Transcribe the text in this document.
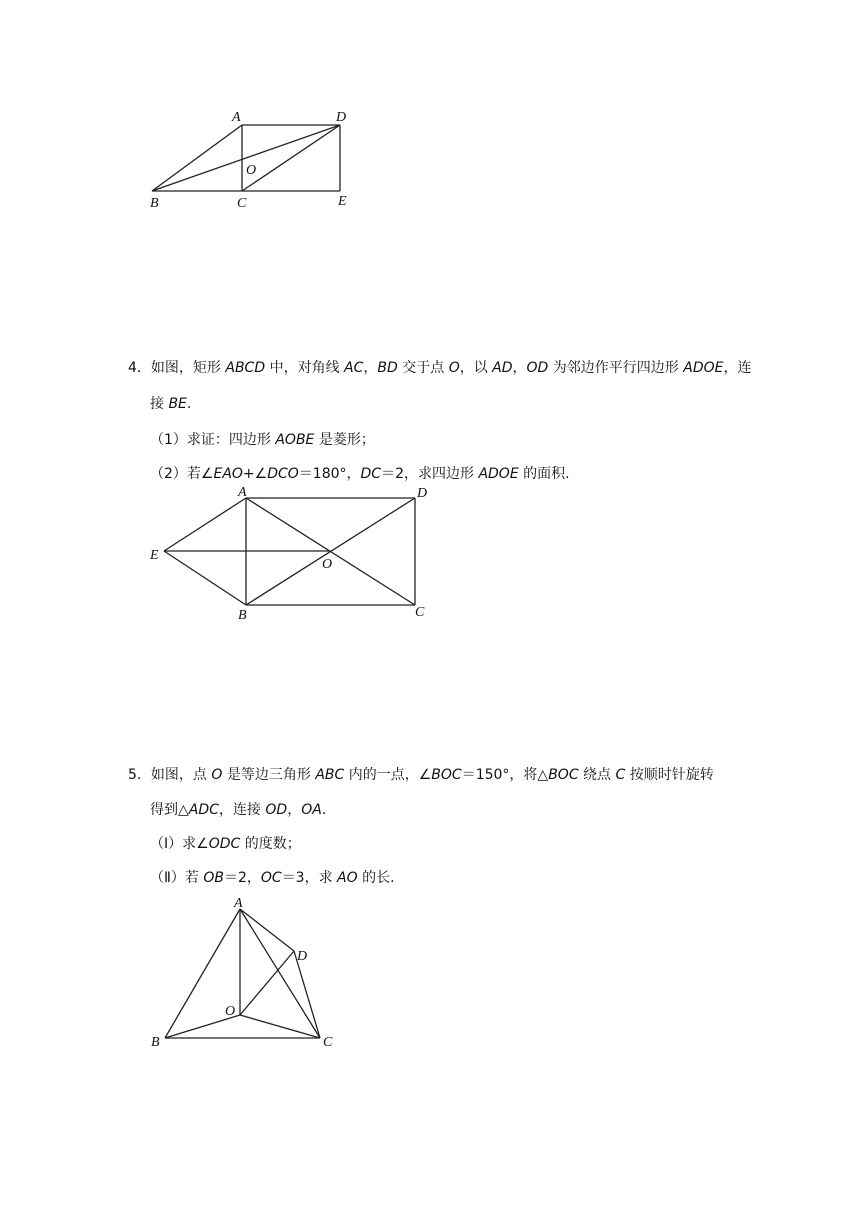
A	D
O
B	C	E
4．如图，矩形 ABCD 中，对角线 AC，BD 交于点 O，以 AD，OD 为邻边作平行四边形 ADOE，连
接 BE.
（1）求证：四边形 AOBE 是菱形；
（2）若∠EAO+∠DCO＝180°，DC＝2，求四边形 ADOE 的面积.
A	D
E
O
B	C
5．如图，点 O 是等边三角形 ABC 内的一点，∠BOC＝150°，将△BOC 绕点 C 按顺时针旋转
得到△ADC，连接 OD，OA.
（Ⅰ）求∠ODC 的度数；
（Ⅱ）若 OB＝2，OC＝3，求 AO 的长.
A
D
O
B	C
